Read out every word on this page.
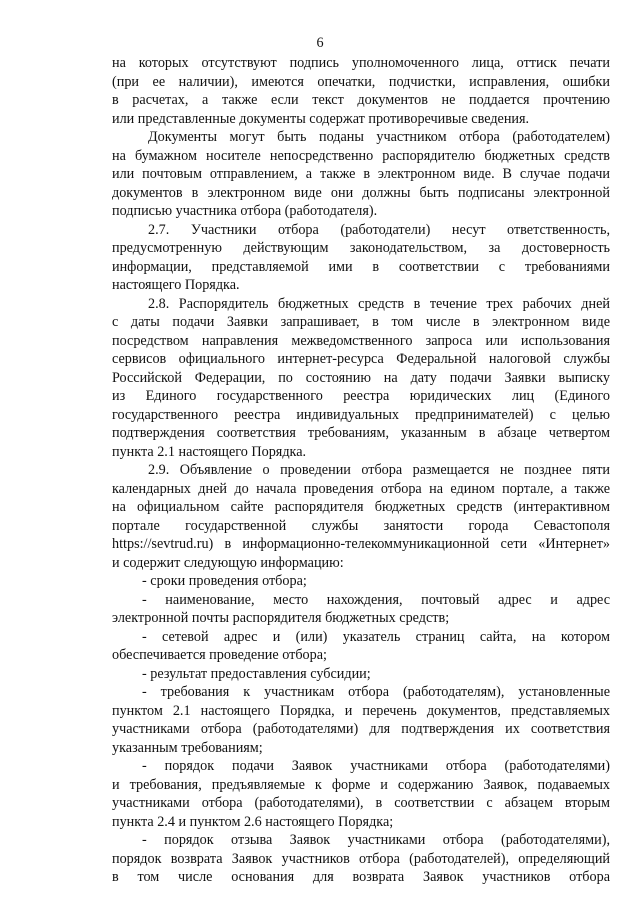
6
на которых отсутствуют подпись уполномоченного лица, оттиск печати
(при ее наличии), имеются опечатки, подчистки, исправления, ошибки
в расчетах, а также если текст документов не поддается прочтению
или представленные документы содержат противоречивые сведения.
Документы могут быть поданы участником отбора (работодателем)
на бумажном носителе непосредственно распорядителю бюджетных средств
или почтовым отправлением, а также в электронном виде. В случае подачи
документов в электронном виде они должны быть подписаны электронной
подписью участника отбора (работодателя).
2.7. Участники отбора (работодатели) несут ответственность,
предусмотренную действующим законодательством, за достоверность
информации, представляемой ими в соответствии с требованиями
настоящего Порядка.
2.8. Распорядитель бюджетных средств в течение трех рабочих дней
с даты подачи Заявки запрашивает, в том числе в электронном виде
посредством направления межведомственного запроса или использования
сервисов официального интернет-ресурса Федеральной налоговой службы
Российской Федерации, по состоянию на дату подачи Заявки выписку
из Единого государственного реестра юридических лиц (Единого
государственного реестра индивидуальных предпринимателей) с целью
подтверждения соответствия требованиям, указанным в абзаце четвертом
пункта 2.1 настоящего Порядка.
2.9. Объявление о проведении отбора размещается не позднее пяти
календарных дней до начала проведения отбора на едином портале, а также
на официальном сайте распорядителя бюджетных средств (интерактивном
портале государственной службы занятости города Севастополя
https://sevtrud.ru) в информационно-телекоммуникационной сети «Интернет»
и содержит следующую информацию:
- сроки проведения отбора;
- наименование, место нахождения, почтовый адрес и адрес
электронной почты распорядителя бюджетных средств;
- сетевой адрес и (или) указатель страниц сайта, на котором
обеспечивается проведение отбора;
- результат предоставления субсидии;
- требования к участникам отбора (работодателям), установленные
пунктом 2.1 настоящего Порядка, и перечень документов, представляемых
участниками отбора (работодателями) для подтверждения их соответствия
указанным требованиям;
- порядок подачи Заявок участниками отбора (работодателями)
и требования, предъявляемые к форме и содержанию Заявок, подаваемых
участниками отбора (работодателями), в соответствии с абзацем вторым
пункта 2.4 и пунктом 2.6 настоящего Порядка;
- порядок отзыва Заявок участниками отбора (работодателями),
порядок возврата Заявок участников отбора (работодателей), определяющий
в том числе основания для возврата Заявок участников отбора
